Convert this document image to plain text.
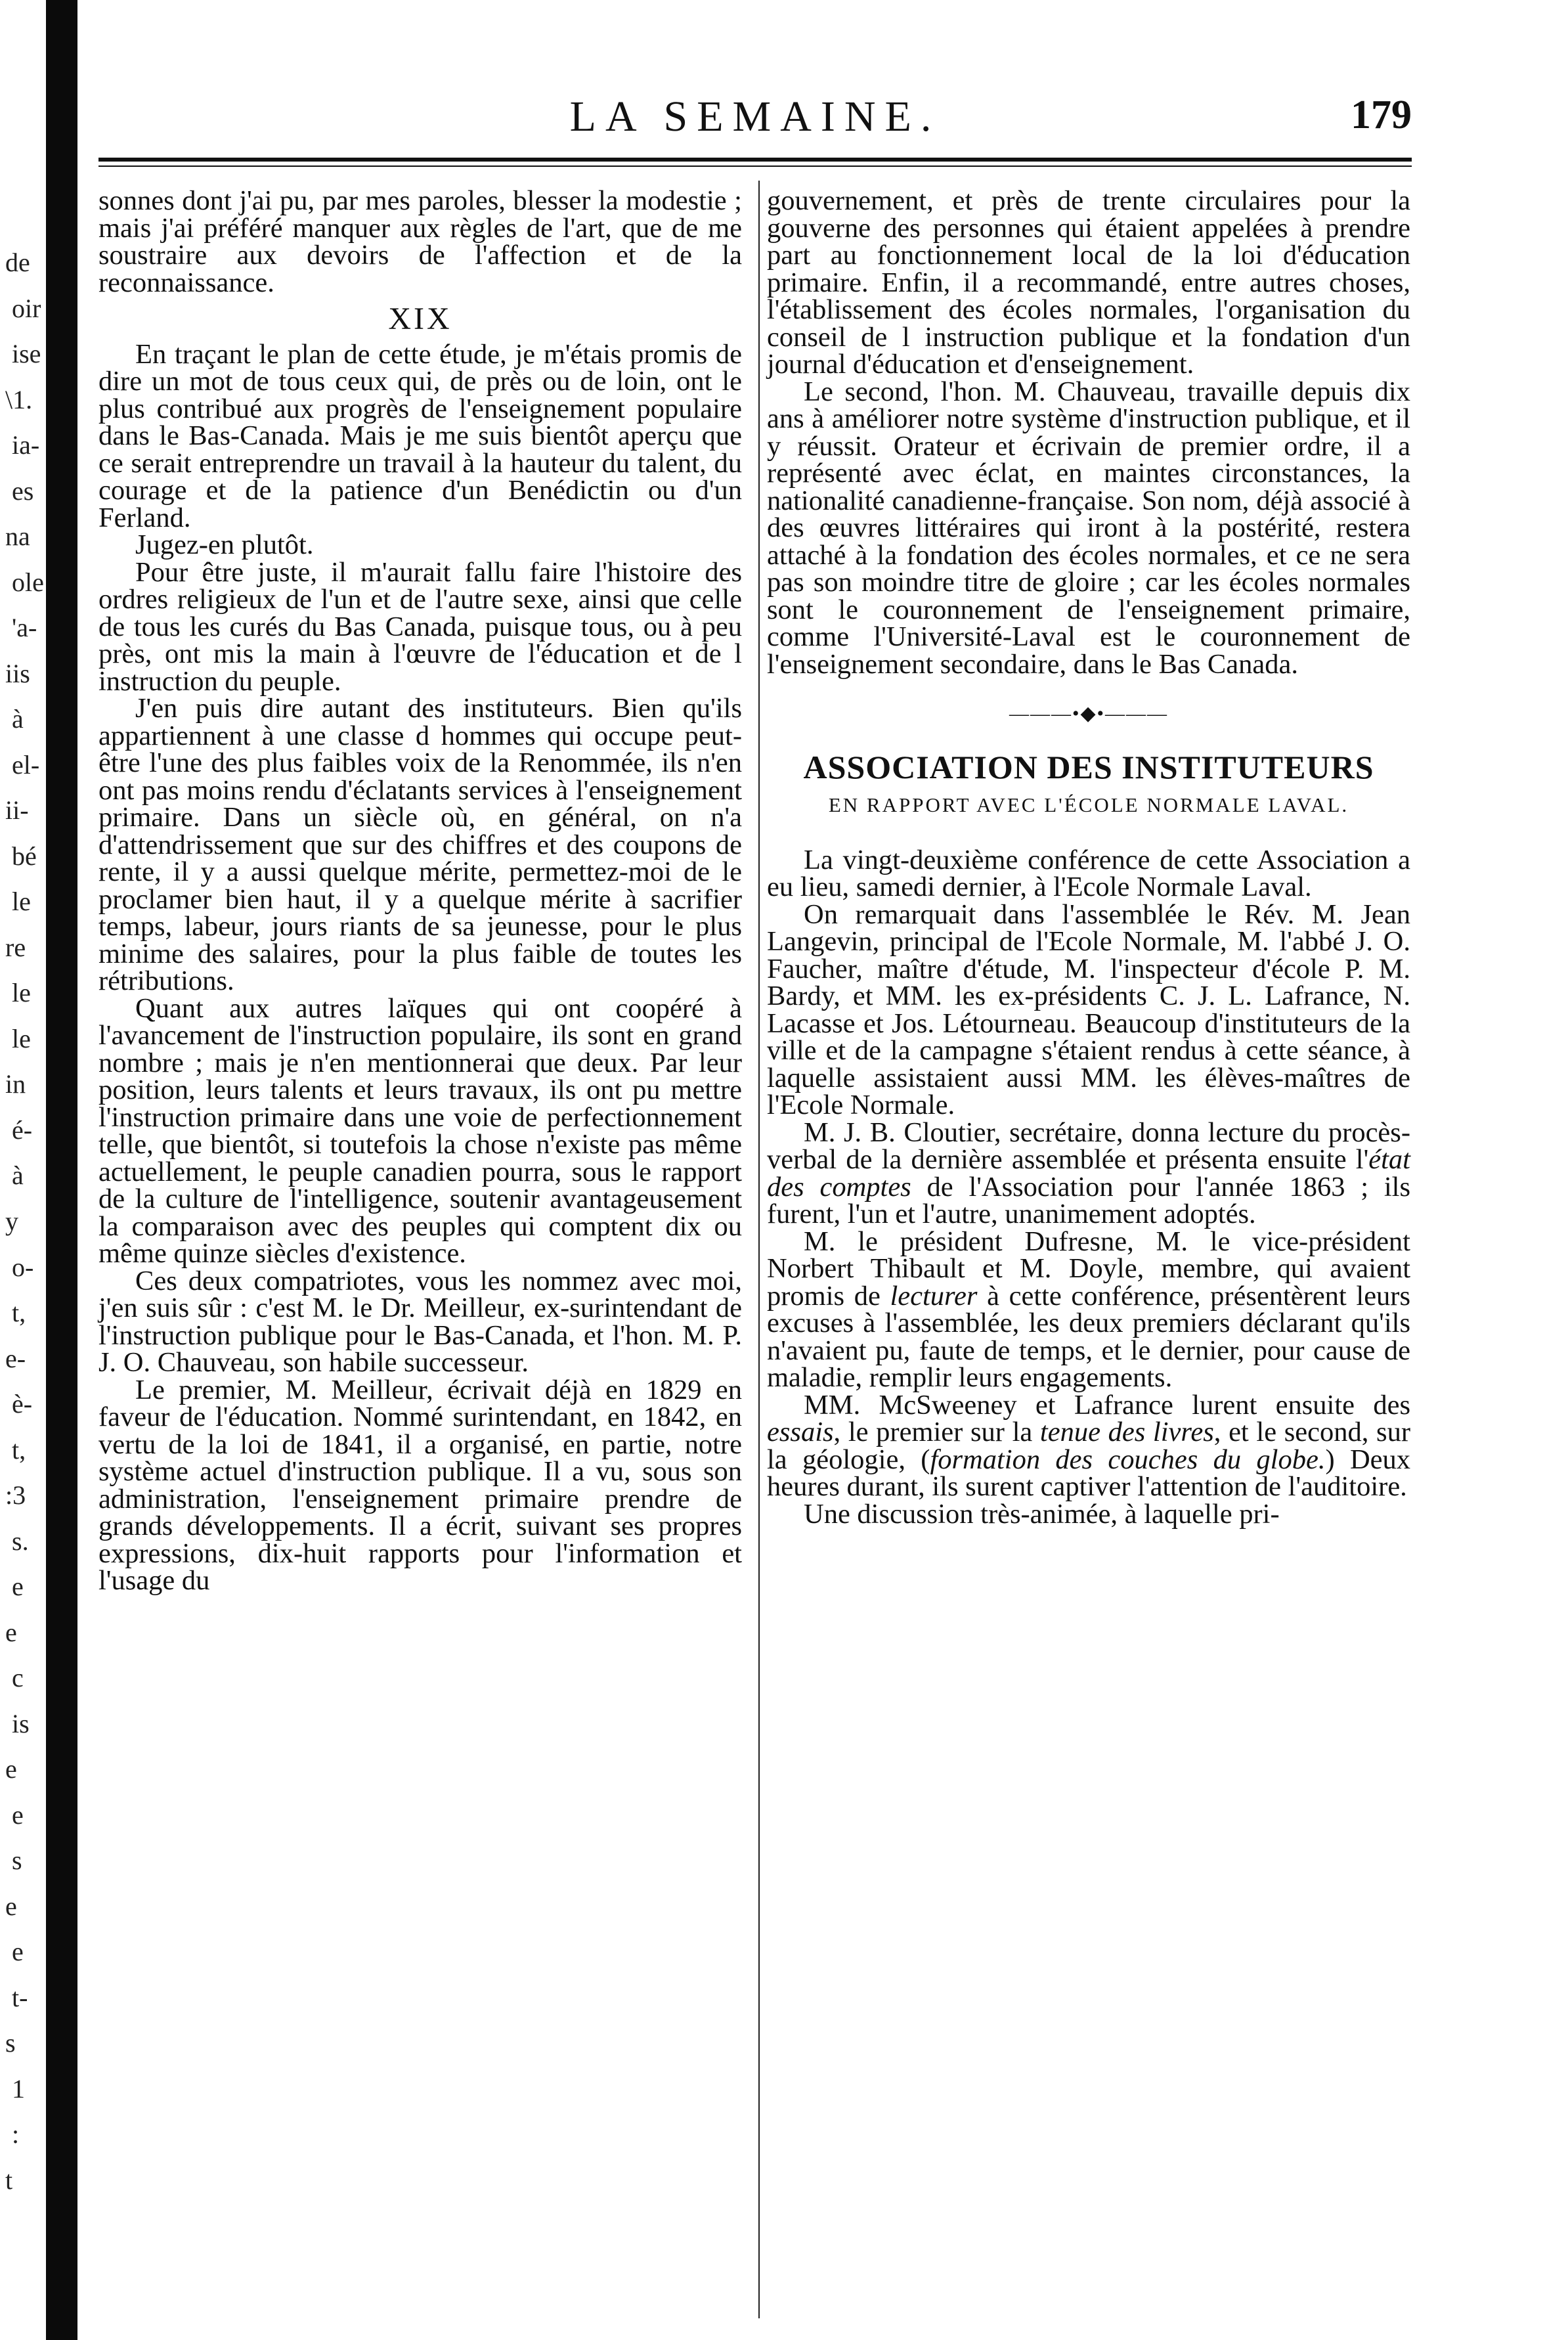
de
oir
ise
\1.
ia-
es
na
ole
'a-
iis
à
el-
ii-
bé
le
re
le
le
in
é-
à
y
o-
t,
e-
è-
t,
:3
s.
e
e
c
is
e
e
s
e
e
t-
s
1
:
t
LA SEMAINE.	179

sonnes dont j'ai pu, par mes paroles, blesser la modestie ; mais j'ai préféré manquer aux règles de l'art, que de me soustraire aux devoirs de l'affection et de la reconnaissance.

XIX

En traçant le plan de cette étude, je m'étais promis de dire un mot de tous ceux qui, de près ou de loin, ont le plus contribué aux progrès de l'enseignement populaire dans le Bas-Canada. Mais je me suis bientôt aperçu que ce serait entreprendre un travail à la hauteur du talent, du courage et de la patience d'un Benédictin ou d'un Ferland.

Jugez-en plutôt.

Pour être juste, il m'aurait fallu faire l'histoire des ordres religieux de l'un et de l'autre sexe, ainsi que celle de tous les curés du Bas Canada, puisque tous, ou à peu près, ont mis la main à l'œuvre de l'éducation et de l instruction du peuple.

J'en puis dire autant des instituteurs. Bien qu'ils appartiennent à une classe d hommes qui occupe peut-être l'une des plus faibles voix de la Renommée, ils n'en ont pas moins rendu d'éclatants services à l'enseignement primaire. Dans un siècle où, en général, on n'a d'attendrissement que sur des chiffres et des coupons de rente, il y a aussi quelque mérite, permettez-moi de le proclamer bien haut, il y a quelque mérite à sacrifier temps, labeur, jours riants de sa jeunesse, pour le plus minime des salaires, pour la plus faible de toutes les rétributions.

Quant aux autres laïques qui ont coopéré à l'avancement de l'instruction populaire, ils sont en grand nombre ; mais je n'en mentionnerai que deux. Par leur position, leurs talents et leurs travaux, ils ont pu mettre l'instruction primaire dans une voie de perfectionnement telle, que bientôt, si toutefois la chose n'existe pas même actuellement, le peuple canadien pourra, sous le rapport de la culture de l'intelligence, soutenir avantageusement la comparaison avec des peuples qui comptent dix ou même quinze siècles d'existence.

Ces deux compatriotes, vous les nommez avec moi, j'en suis sûr : c'est M. le Dr. Meilleur, ex-surintendant de l'instruction publique pour le Bas-Canada, et l'hon. M. P. J. O. Chauveau, son habile successeur.

Le premier, M. Meilleur, écrivait déjà en 1829 en faveur de l'éducation. Nommé surintendant, en 1842, en vertu de la loi de 1841, il a organisé, en partie, notre système actuel d'instruction publique. Il a vu, sous son administration, l'enseignement primaire prendre de grands développements. Il a écrit, suivant ses propres expressions, dix-huit rapports pour l'information et l'usage du

gouvernement, et près de trente circulaires pour la gouverne des personnes qui étaient appelées à prendre part au fonctionnement local de la loi d'éducation primaire. Enfin, il a recommandé, entre autres choses, l'établissement des écoles normales, l'organisation du conseil de l instruction publique et la fondation d'un journal d'éducation et d'enseignement.

Le second, l'hon. M. Chauveau, travaille depuis dix ans à améliorer notre système d'instruction publique, et il y réussit. Orateur et écrivain de premier ordre, il a représenté avec éclat, en maintes circonstances, la nationalité canadienne-française. Son nom, déjà associé à des œuvres littéraires qui iront à la postérité, restera attaché à la fondation des écoles normales, et ce ne sera pas son moindre titre de gloire ; car les écoles normales sont le couronnement de l'enseignement primaire, comme l'Université-Laval est le couronnement de l'enseignement secondaire, dans le Bas Canada.

———•◆•———
ASSOCIATION DES INSTITUTEURS
EN RAPPORT AVEC L'ÉCOLE NORMALE LAVAL.

La vingt-deuxième conférence de cette Association a eu lieu, samedi dernier, à l'Ecole Normale Laval.

On remarquait dans l'assemblée le Rév. M. Jean Langevin, principal de l'Ecole Normale, M. l'abbé J. O. Faucher, maître d'étude, M. l'inspecteur d'école P. M. Bardy, et MM. les ex-présidents C. J. L. Lafrance, N. Lacasse et Jos. Létourneau. Beaucoup d'instituteurs de la ville et de la campagne s'étaient rendus à cette séance, à laquelle assistaient aussi MM. les élèves-maîtres de l'Ecole Normale.

M. J. B. Cloutier, secrétaire, donna lecture du procès-verbal de la dernière assemblée et présenta ensuite l'état des comptes de l'Association pour l'année 1863 ; ils furent, l'un et l'autre, unanimement adoptés.

M. le président Dufresne, M. le vice-président Norbert Thibault et M. Doyle, membre, qui avaient promis de lecturer à cette conférence, présentèrent leurs excuses à l'assemblée, les deux premiers déclarant qu'ils n'avaient pu, faute de temps, et le dernier, pour cause de maladie, remplir leurs engagements.

MM. McSweeney et Lafrance lurent ensuite des essais, le premier sur la tenue des livres, et le second, sur la géologie, (formation des couches du globe.) Deux heures durant, ils surent captiver l'attention de l'auditoire.

Une discussion très-animée, à laquelle pri-
